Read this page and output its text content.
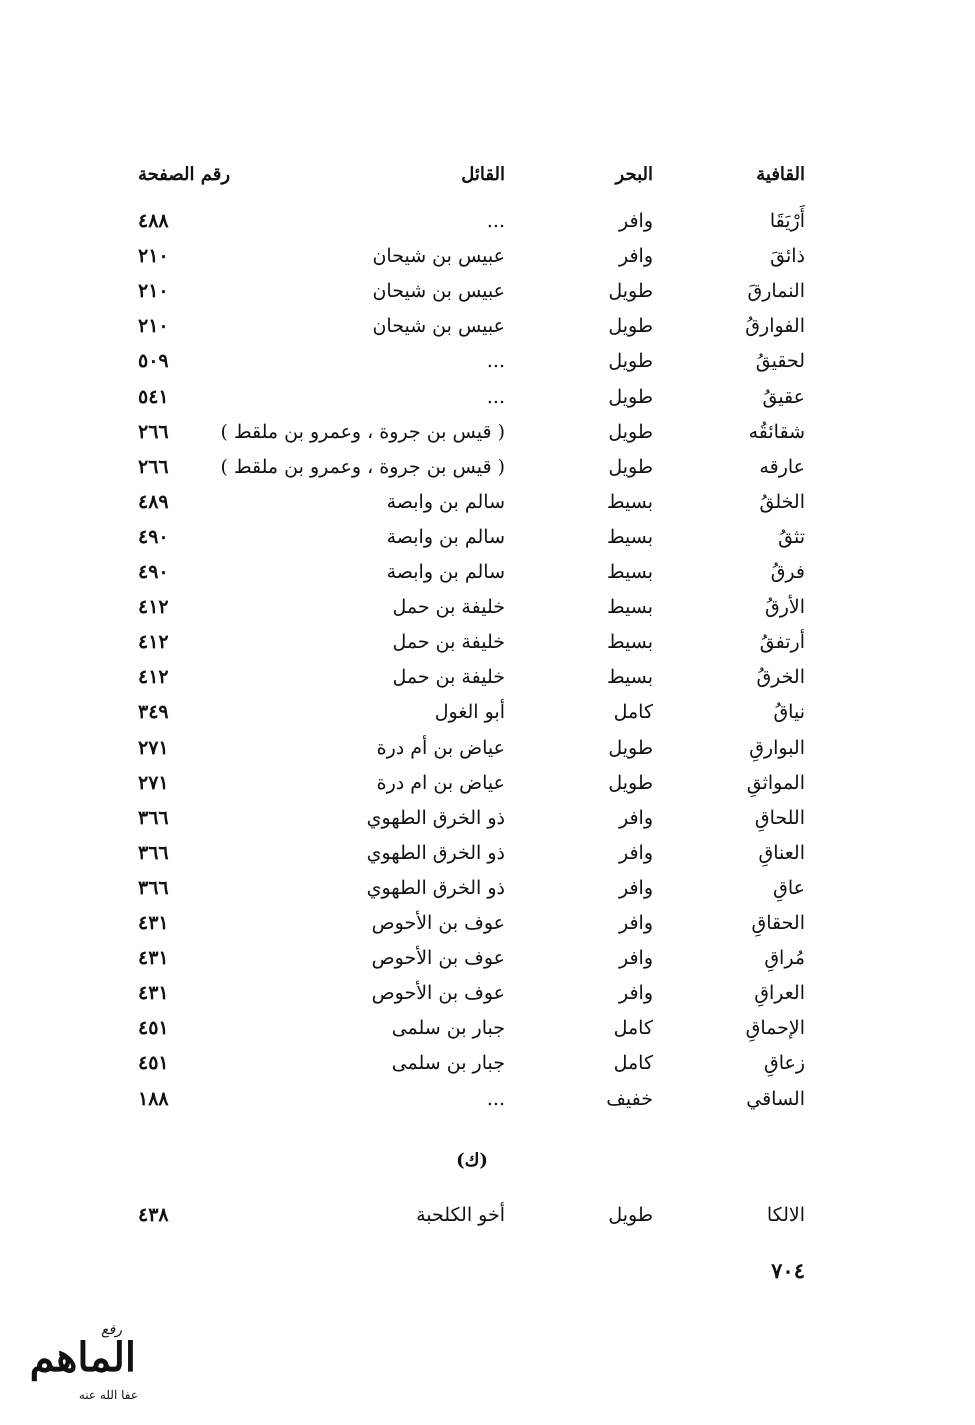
القافية
البحر
القائل
رقم الصفحة
أَرْيَقَا
وافر
...
٤٨٨
ذائقَ
وافر
عبيس بن شيحان
٢١٠
النمارقَ
طويل
عبيس بن شيحان
٢١٠
الفوارقُ
طويل
عبيس بن شيحان
٢١٠
لحقيقُ
طويل
...
٥٠٩
عقيقُ
طويل
...
٥٤١
شقائقُه
طويل
( قيس بن جروة ، وعمرو بن ملقط )
٢٦٦
عارقه
طويل
( قيس بن جروة ، وعمرو بن ملقط )
٢٦٦
الخلقُ
بسيط
سالم بن وابصة
٤٨٩
تثقُ
بسيط
سالم بن وابصة
٤٩٠
فرقُ
بسيط
سالم بن وابصة
٤٩٠
الأرقُ
بسيط
خليفة بن حمل
٤١٢
أرتفقُ
بسيط
خليفة بن حمل
٤١٢
الخرقُ
بسيط
خليفة بن حمل
٤١٢
نياقُ
كامل
أبو الغول
٣٤٩
البوارقِ
طويل
عياض بن أم درة
٢٧١
المواثقِ
طويل
عياض بن ام درة
٢٧١
اللحاقِ
وافر
ذو الخرق الطهوي
٣٦٦
العناقِ
وافر
ذو الخرق الطهوي
٣٦٦
عاقِ
وافر
ذو الخرق الطهوي
٣٦٦
الحقاقِ
وافر
عوف بن الأحوص
٤٣١
مُراقِ
وافر
عوف بن الأحوص
٤٣١
العراقِ
وافر
عوف بن الأحوص
٤٣١
الإحماقِ
كامل
جبار بن سلمى
٤٥١
زعاقِ
كامل
جبار بن سلمى
٤٥١
الساقي
خفيف
...
١٨٨
(ك)
الالكا
طويل
أخو الكلحبة
٤٣٨
٧٠٤
رفع
الماهم
عفا الله عنه
